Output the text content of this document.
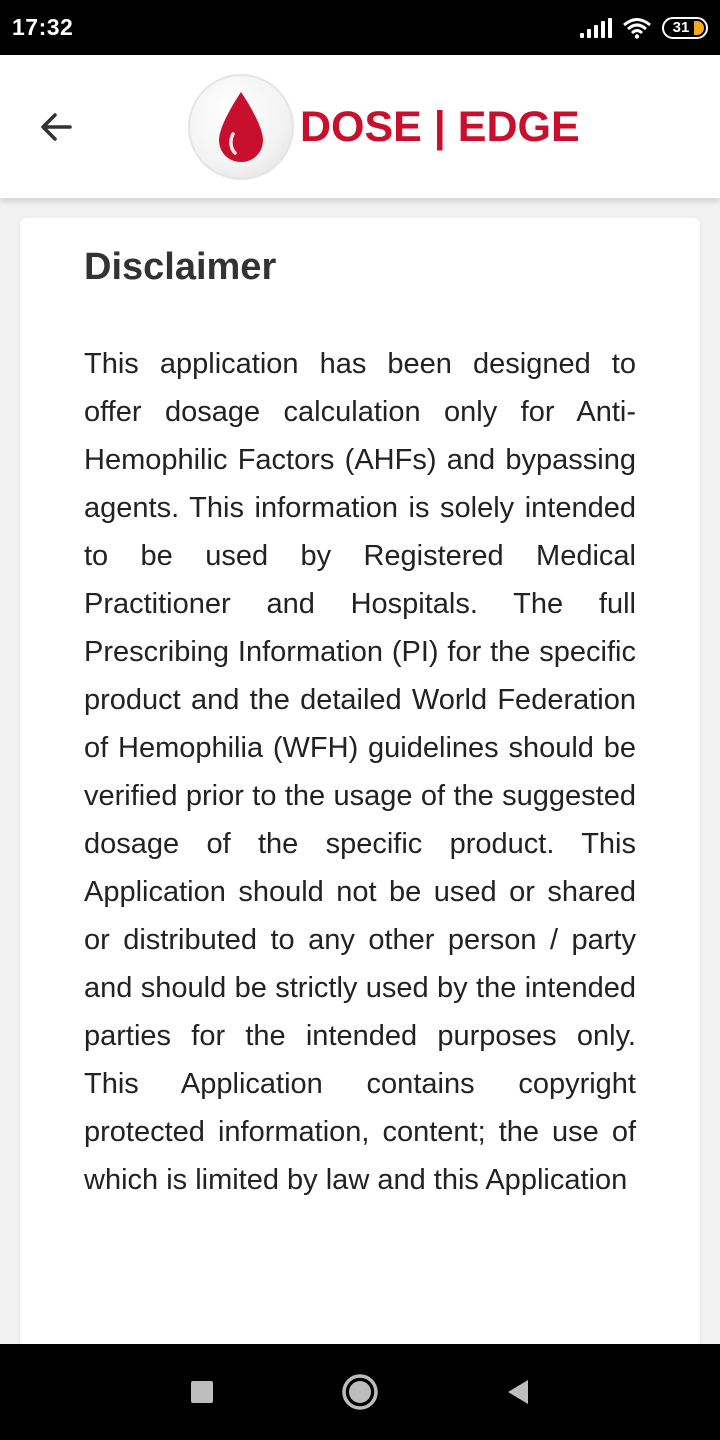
17:32	31
DOSE | EDGE
Disclaimer

This application has been designed to offer dosage calculation only for Anti-Hemophilic Factors (AHFs) and bypassing agents. This information is solely intended to be used by Registered Medical Practitioner and Hospitals. The full Prescribing Information (PI) for the specific product and the detailed World Federation of Hemophilia (WFH) guidelines should be verified prior to the usage of the suggested dosage of the specific product. This Application should not be used or shared or distributed to any other person / party and should be strictly used by the intended parties for the intended purposes only. This Application contains copyright protected information, content; the use of which is limited by law and this Application
